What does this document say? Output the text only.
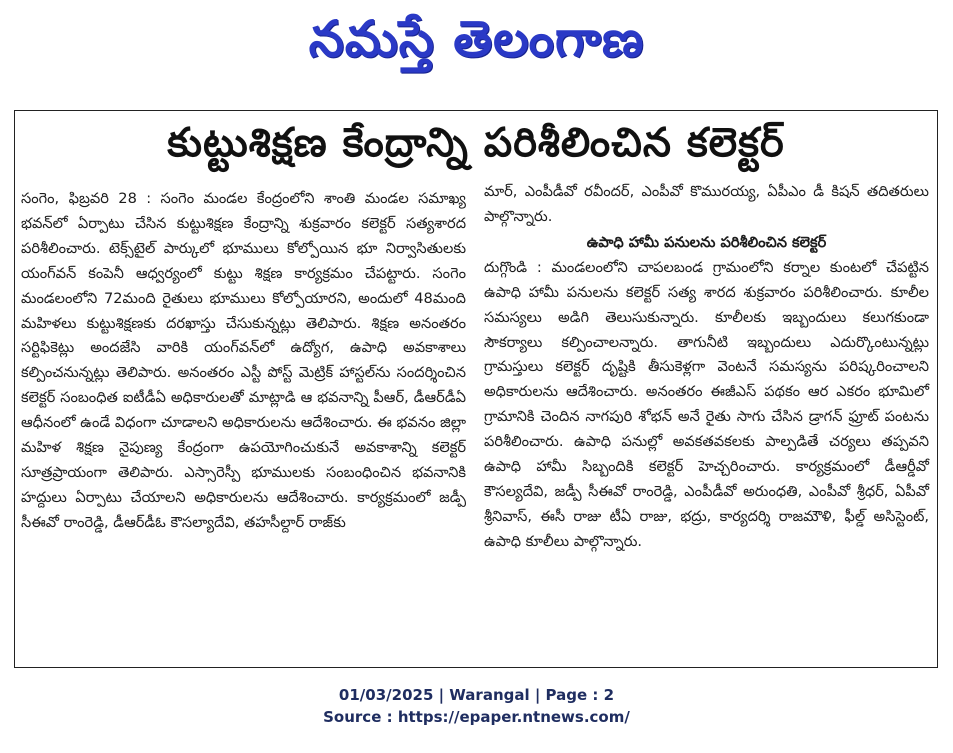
నమస్తే తెలంగాణ
కుట్టుశిక్షణ కేంద్రాన్ని పరిశీలించిన కలెక్టర్

సంగెం, ఫిబ్రవరి 28 : సంగెం మండల కేంద్రంలోని శాంతి మండల సమాఖ్య భవన్‌లో ఏర్పాటు చేసిన కుట్టుశిక్షణ కేంద్రాన్ని శుక్రవారం కలెక్టర్ సత్యశారద పరిశీలించారు. టెక్స్‌టైల్ పార్కులో భూములు కోల్పోయిన భూ నిర్వాసితులకు యంగ్‌వన్ కంపెనీ ఆధ్వర్యంలో కుట్టు శిక్షణ కార్యక్రమం చేపట్టారు. సంగెం మండలంలోని 72మంది రైతులు భూములు కోల్పోయారని, అందులో 48మంది మహిళలు కుట్టుశిక్షణకు దరఖాస్తు చేసుకున్నట్లు తెలిపారు. శిక్షణ అనంతరం సర్టిఫికెట్లు అందజేసి వారికి యంగ్‌వన్‌లో ఉద్యోగ, ఉపాధి అవకాశాలు కల్పించనున్నట్లు తెలిపారు. అనంతరం ఎస్టీ పోస్ట్ మెట్రిక్ హాస్టల్‌ను సందర్శించిన కలెక్టర్ సంబంధిత ఐటీడీఏ అధికారులతో మాట్లాడి ఆ భవనాన్ని పీఆర్, డీఆర్‌డీఏ ఆధీనంలో ఉండే విధంగా చూడాలని అధికారులను ఆదేశించారు. ఈ భవనం జిల్లా మహిళ శిక్షణ నైపుణ్య కేంద్రంగా ఉపయోగించుకునే అవకాశాన్ని కలెక్టర్ సూత్రప్రాయంగా తెలిపారు. ఎస్సారెస్పీ భూములకు సంబంధించిన భవనానికి హద్దులు ఏర్పాటు చేయాలని అధికారులను ఆదేశించారు. కార్యక్రమంలో జడ్పీ సీఈవో రాంరెడ్డి, డీఆర్‌డీఓ కౌసల్యాదేవి, తహసీల్దార్ రాజ్‌కు

మార్, ఎంపీడీవో రవీందర్, ఎంపీవో కొమురయ్య, ఏపీఎం డీ కిషన్ తదితరులు పాల్గొన్నారు.

ఉపాధి హామీ పనులను పరిశీలించిన కలెక్టర్

దుగ్గొండి : మండలంలోని చాపలబండ గ్రామంలోని కర్నాల కుంటలో చేపట్టిన ఉపాధి హామీ పనులను కలెక్టర్ సత్య శారద శుక్రవారం పరిశీలించారు. కూలీల సమస్యలు అడిగి తెలుసుకున్నారు. కూలీలకు ఇబ్బందులు కలుగకుండా సౌకర్యాలు కల్పించాలన్నారు. తాగునీటి ఇబ్బందులు ఎదుర్కొంటున్నట్లు గ్రామస్తులు కలెక్టర్ దృష్టికి తీసుకెళ్లగా వెంటనే సమస్యను పరిష్కరించాలని అధికారులను ఆదేశించారు. అనంతరం ఈజీఎస్ పథకం ఆర ఎకరం భూమిలో గ్రామానికి చెందిన నాగపురి శోభన్ అనే రైతు సాగు చేసిన డ్రాగన్ ఫ్రూట్ పంటను పరిశీలించారు. ఉపాధి పనుల్లో అవకతవకలకు పాల్పడితే చర్యలు తప్పవని ఉపాధి హామీ సిబ్బందికి కలెక్టర్ హెచ్చరించారు. కార్యక్రమంలో డీఆర్డీవో కౌసల్యదేవి, జడ్పీ సీఈవో రాంరెడ్డి, ఎంపీడీవో అరుంధతి, ఎంపీవో శ్రీధర్, ఏపీవో శ్రీనివాస్, ఈసీ రాజు టీఏ రాజు, భద్రు, కార్యదర్శి రాజమౌళి, ఫీల్డ్ అసిస్టెంట్, ఉపాధి కూలీలు పాల్గొన్నారు.

01/03/2025 | Warangal | Page : 2
Source : https://epaper.ntnews.com/
